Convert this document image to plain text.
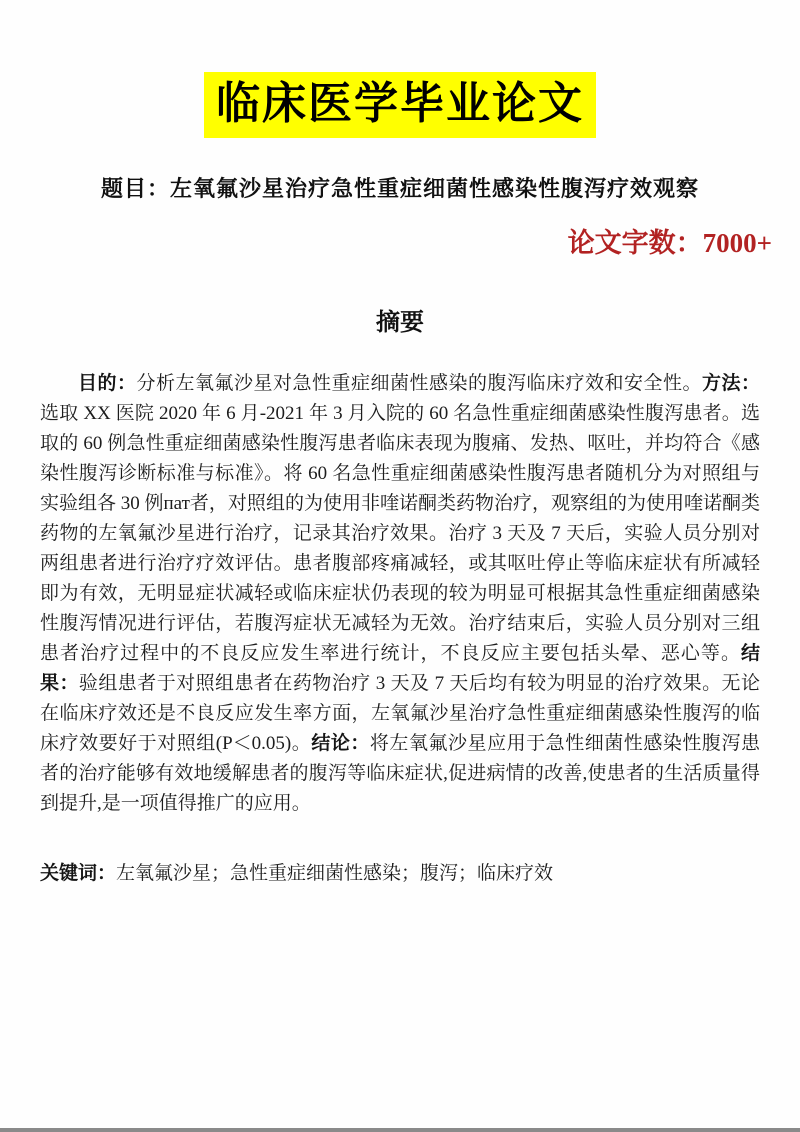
临床医学毕业论文
题目：左氧氟沙星治疗急性重症细菌性感染性腹泻疗效观察
论文字数：7000+
摘要

目的：分析左氧氟沙星对急性重症细菌性感染的腹泻临床疗效和安全性。方法：选取 XX 医院 2020 年 6 月-2021 年 3 月入院的 60 名急性重症细菌感染性腹泻患者。选取的 60 例急性重症细菌感染性腹泻患者临床表现为腹痛、发热、呕吐，并均符合《感染性腹泻诊断标准与标准》。将 60 名急性重症细菌感染性腹泻患者随机分为对照组与实验组各 30 例пат者，对照组的为使用非喹诺酮类药物治疗，观察组的为使用喹诺酮类药物的左氧氟沙星进行治疗，记录其治疗效果。治疗 3 天及 7 天后，实验人员分别对两组患者进行治疗疗效评估。患者腹部疼痛减轻，或其呕吐停止等临床症状有所减轻即为有效，无明显症状减轻或临床症状仍表现的较为明显可根据其急性重症细菌感染性腹泻情况进行评估，若腹泻症状无减轻为无效。治疗结束后，实验人员分别对三组患者治疗过程中的不良反应发生率进行统计，不良反应主要包括头晕、恶心等。结果：验组患者于对照组患者在药物治疗 3 天及 7 天后均有较为明显的治疗效果。无论在临床疗效还是不良反应发生率方面，左氧氟沙星治疗急性重症细菌感染性腹泻的临床疗效要好于对照组(P＜0.05)。结论：将左氧氟沙星应用于急性细菌性感染性腹泻患者的治疗能够有效地缓解患者的腹泻等临床症状,促进病情的改善,使患者的生活质量得到提升,是一项值得推广的应用。

关键词：左氧氟沙星；急性重症细菌性感染；腹泻；临床疗效
